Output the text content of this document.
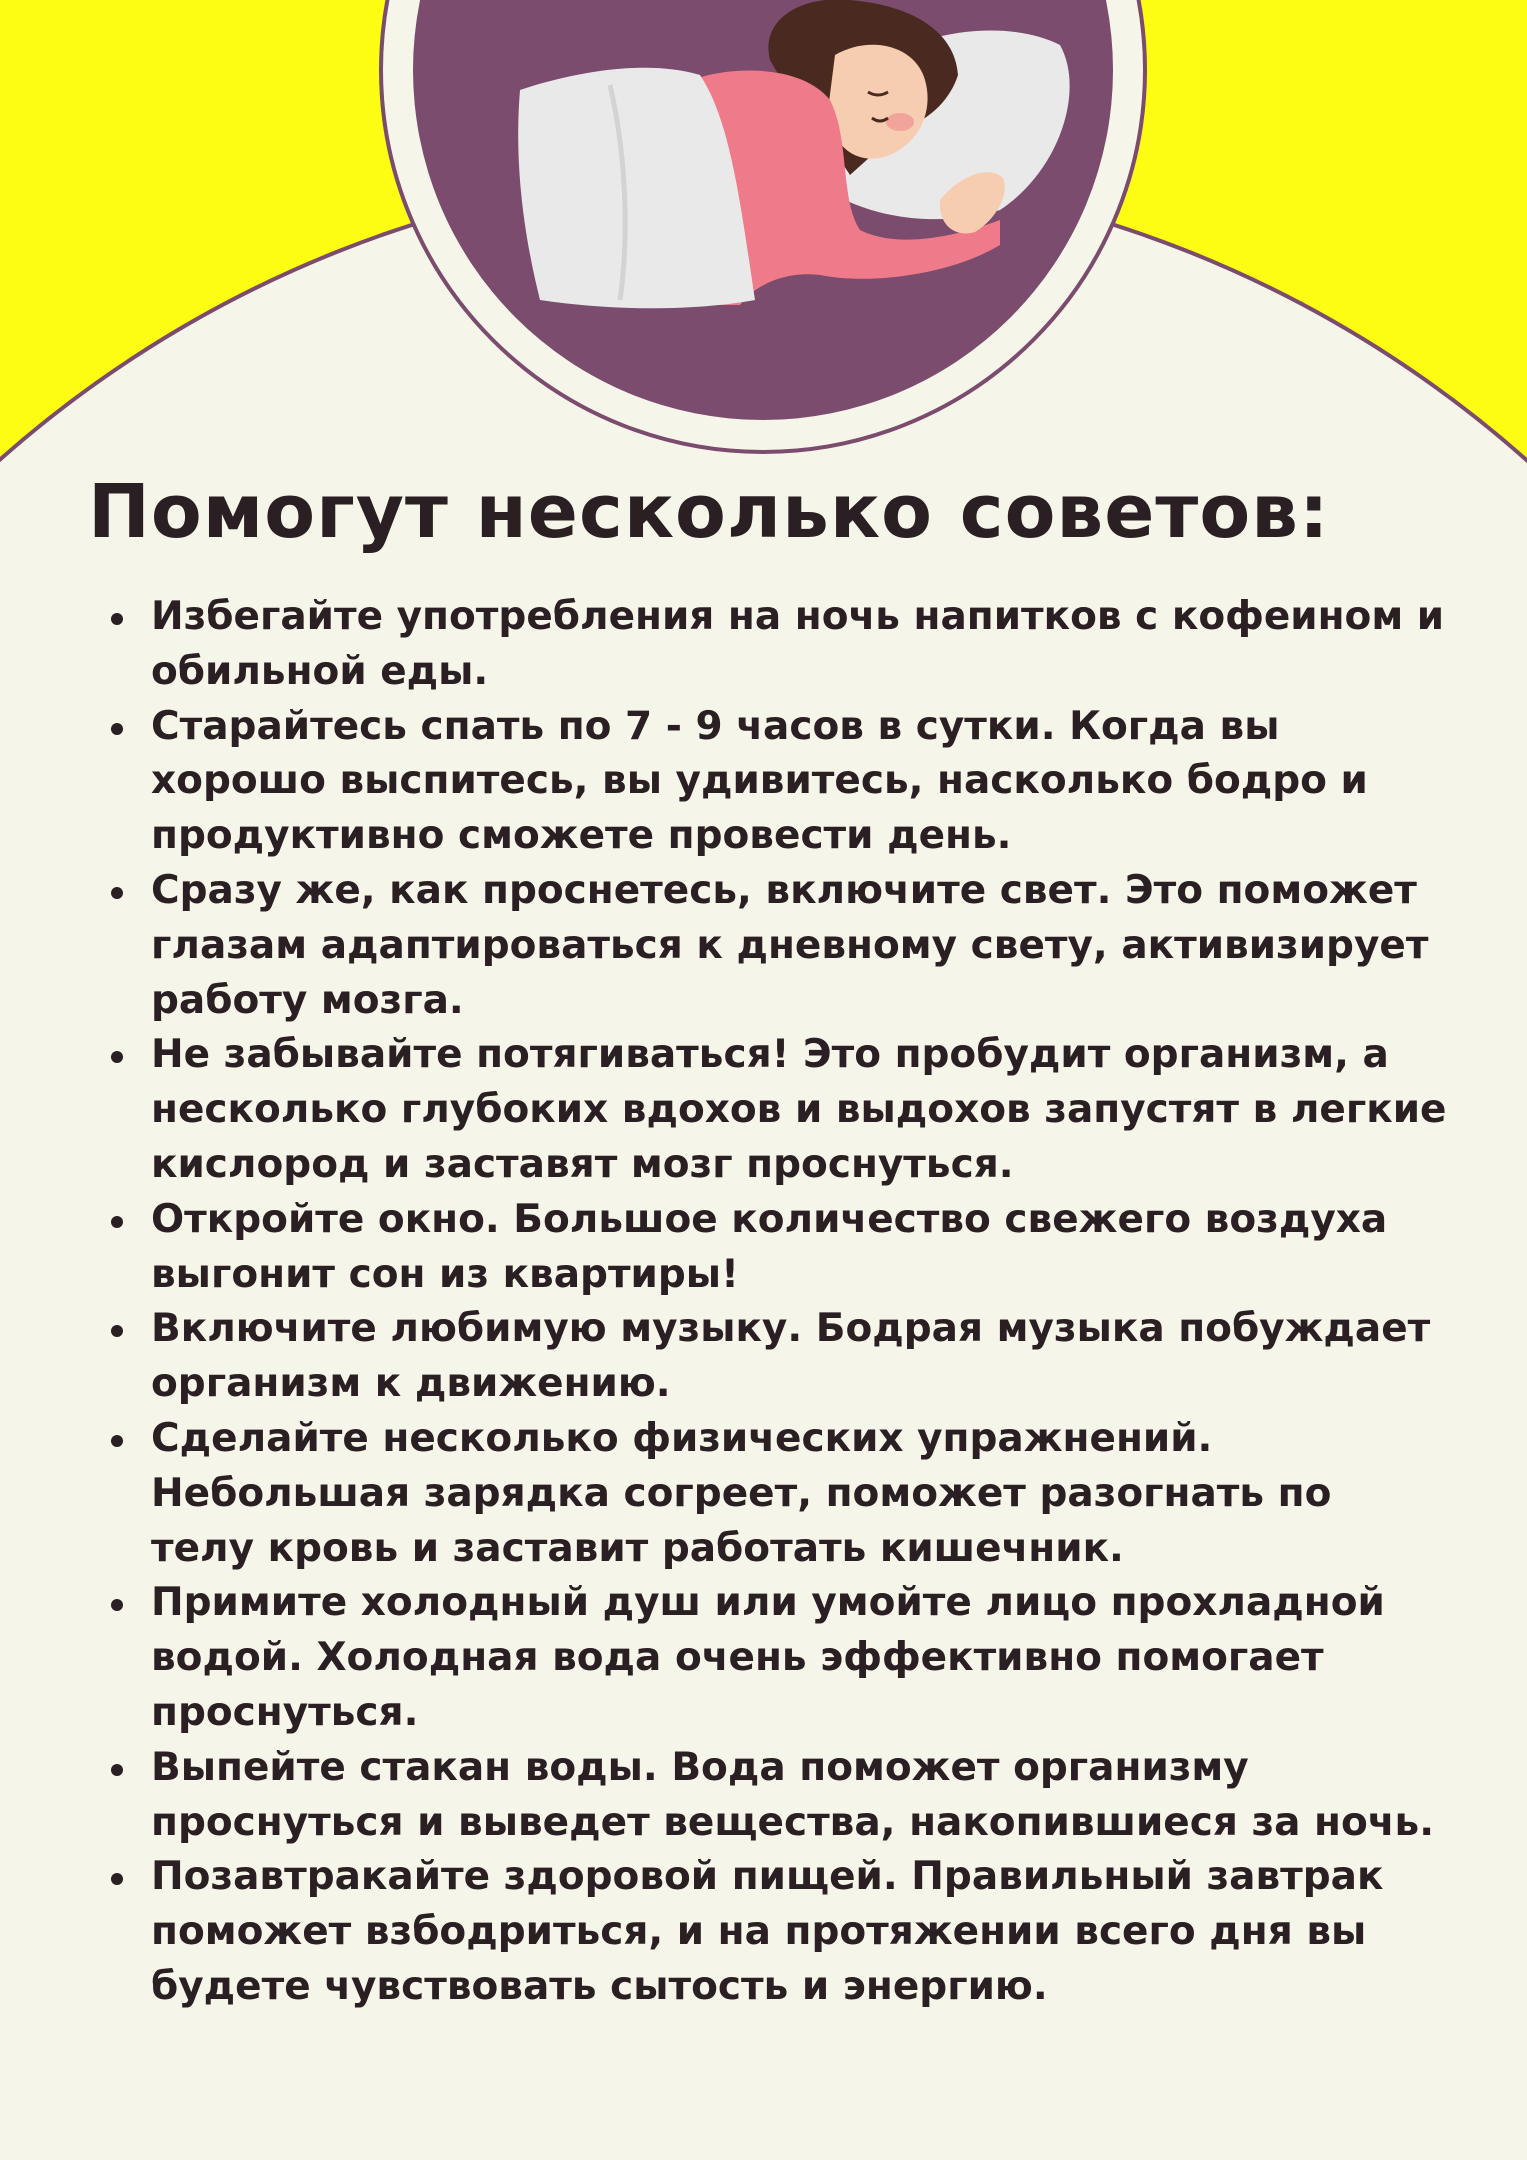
Помогут несколько советов:
Избегайте употребления на ночь напитков с кофеином и обильной еды.
Старайтесь спать по 7 - 9 часов в сутки. Когда вы хорошо выспитесь, вы удивитесь, насколько бодро и продуктивно сможете провести день.
Сразу же, как проснетесь, включите свет. Это поможет глазам адаптироваться к дневному свету, активизирует работу мозга.
Не забывайте потягиваться! Это пробудит организм, а несколько глубоких вдохов и выдохов запустят в легкие кислород и заставят мозг проснуться.
Откройте окно. Большое количество свежего воздуха выгонит сон из квартиры!
Включите любимую музыку. Бодрая музыка побуждает организм к движению.
Сделайте несколько физических упражнений. Небольшая зарядка согреет, поможет разогнать по телу кровь и заставит работать кишечник.
Примите холодный душ или умойте лицо прохладной водой. Холодная вода очень эффективно помогает проснуться.
Выпейте стакан воды. Вода поможет организму проснуться и выведет вещества, накопившиеся за ночь.
Позавтракайте здоровой пищей. Правильный завтрак поможет взбодриться, и на протяжении всего дня вы будете чувствовать сытость и энергию.
